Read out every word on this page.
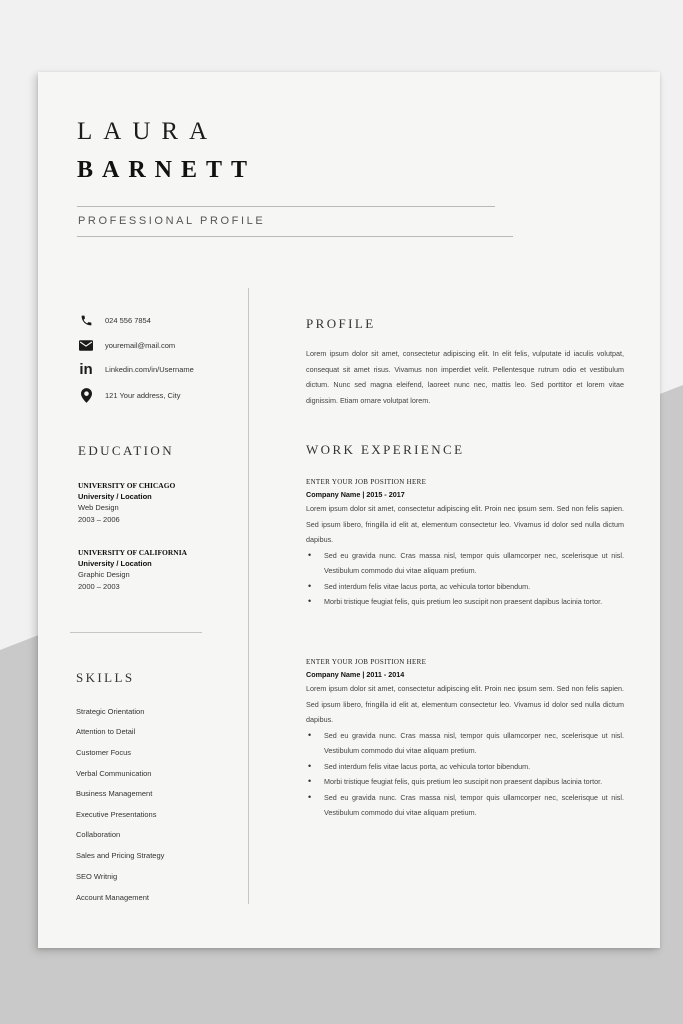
LAURA
BARNETT
PROFESSIONAL PROFILE
024 556 7854
youremail@mail.com
in Linkedin.com/in/Username
121 Your address, City
EDUCATION
UNIVERSITY OF CHICAGO
University / Location
Web Design
2003 – 2006
UNIVERSITY OF CALIFORNIA
University / Location
Graphic Design
2000 – 2003
SKILLS
Strategic Orientation
Attention to Detail
Customer Focus
Verbal Communication
Business Management
Executive Presentations
Collaboration
Sales and Pricing Strategy
SEO Writnig
Account Management
PROFILE
Lorem ipsum dolor sit amet, consectetur adipiscing elit. In elit felis, vulputate id iaculis volutpat, consequat sit amet risus. Vivamus non imperdiet velit. Pellentesque rutrum odio et vestibulum dictum. Nunc sed magna eleifend, laoreet nunc nec, mattis leo. Sed porttitor et lorem vitae dignissim. Etiam ornare volutpat lorem.
WORK EXPERIENCE
ENTER YOUR JOB POSITION HERE
Company Name | 2015 - 2017
Lorem ipsum dolor sit amet, consectetur adipiscing elit. Proin nec ipsum sem. Sed non felis sapien. Sed ipsum libero, fringilla id elit at, elementum consectetur leo. Vivamus id dolor sed nulla dictum dapibus.
• Sed eu gravida nunc. Cras massa nisl, tempor quis ullamcorper nec, scelerisque ut nisl. Vestibulum commodo dui vitae aliquam pretium.
• Sed interdum felis vitae lacus porta, ac vehicula tortor bibendum.
• Morbi tristique feugiat felis, quis pretium leo suscipit non praesent dapibus lacinia tortor.
ENTER YOUR JOB POSITION HERE
Company Name | 2011 - 2014
Lorem ipsum dolor sit amet, consectetur adipiscing elit. Proin nec ipsum sem. Sed non felis sapien. Sed ipsum libero, fringilla id elit at, elementum consectetur leo. Vivamus id dolor sed nulla dictum dapibus.
• Sed eu gravida nunc. Cras massa nisl, tempor quis ullamcorper nec, scelerisque ut nisl. Vestibulum commodo dui vitae aliquam pretium.
• Sed interdum felis vitae lacus porta, ac vehicula tortor bibendum.
• Morbi tristique feugiat felis, quis pretium leo suscipit non praesent dapibus lacinia tortor.
• Sed eu gravida nunc. Cras massa nisl, tempor quis ullamcorper nec, scelerisque ut nisl. Vestibulum commodo dui vitae aliquam pretium.
